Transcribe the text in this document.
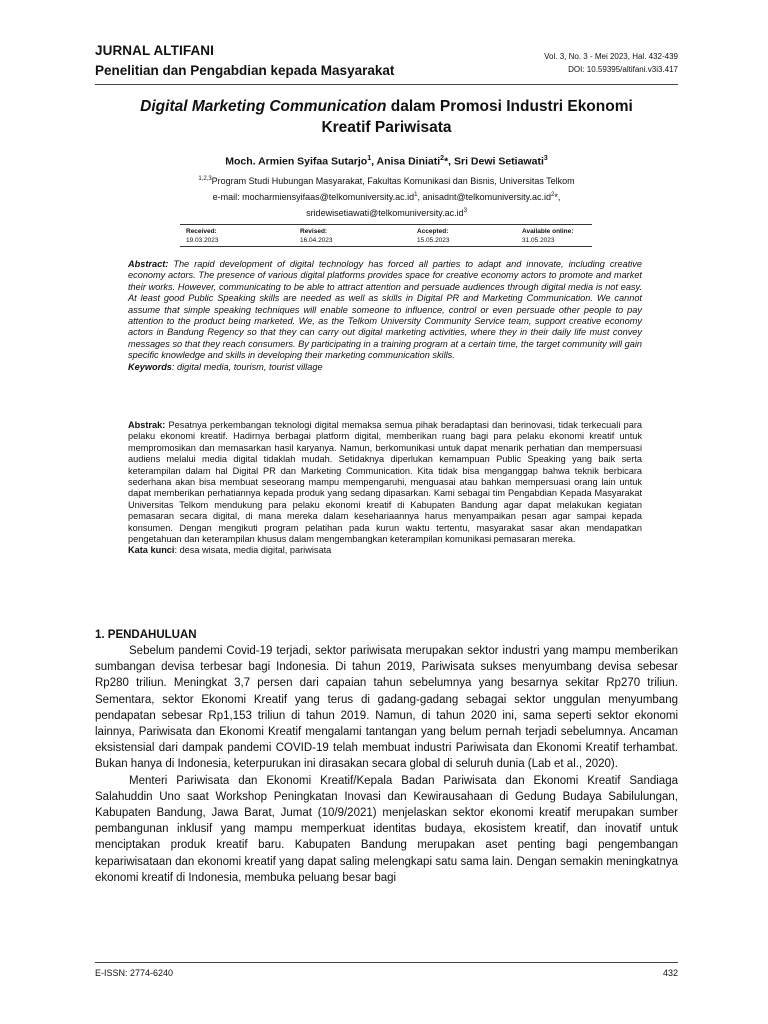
JURNAL ALTIFANI
Penelitian dan Pengabdian kepada Masyarakat
Vol. 3, No. 3 - Mei 2023, Hal. 432-439
DOI: 10.59395/altifani.v3i3.417
Digital Marketing Communication dalam Promosi Industri Ekonomi
Kreatif Pariwisata
Moch. Armien Syifaa Sutarjo$^1$, Anisa Diniati$^2$*, Sri Dewi Setiawati$^3$
$^{1,2,3}$Program Studi Hubungan Masyarakat, Fakultas Komunikasi dan Bisnis, Universitas Telkom
e-mail: $mocharmiensyifaas@telkomuniversity.ac.id^1$, $anisadnt@telkomuniversity.ac.id^2*$,
$sridewisetiawati@telkomuniversity.ac.id^3$
Received:
19.03.2023
Revised:
16.04.2023
Accepted:
15.05.2023
Available online:
31.05.2023

Abstract: The rapid development of digital technology has forced all parties to adapt and innovate, including creative economy actors. The presence of various digital platforms provides space for creative economy actors to promote and market their works. However, communicating to be able to attract attention and persuade audiences through digital media is not easy. At least good Public Speaking skills are needed as well as skills in Digital PR and Marketing Communication. We cannot assume that simple speaking techniques will enable someone to influence, control or even persuade other people to pay attention to the product being marketed. We, as the Telkom University Community Service team, support creative economy actors in Bandung Regency so that they can carry out digital marketing activities, where they in their daily life must convey messages so that they reach consumers. By participating in a training program at a certain time, the target community will gain specific knowledge and skills in developing their marketing communication skills.

Keywords: digital media, tourism, tourist village

Abstrak: Pesatnya perkembangan teknologi digital memaksa semua pihak beradaptasi dan berinovasi, tidak terkecuali para pelaku ekonomi kreatif. Hadirnya berbagai platform digital, memberikan ruang bagi para pelaku ekonomi kreatif untuk mempromosikan dan memasarkan hasil karyanya. Namun, berkomunikasi untuk dapat menarik perhatian dan mempersuasi audiens melalui media digital tidaklah mudah. Setidaknya diperlukan kemampuan Public Speaking yang baik serta keterampilan dalam hal Digital PR dan Marketing Communication. Kita tidak bisa menganggap bahwa teknik berbicara sederhana akan bisa membuat seseorang mampu mempengaruhi, menguasai atau bahkan mempersuasi orang lain untuk dapat memberikan perhatiannya kepada produk yang sedang dipasarkan. Kami sebagai tim Pengabdian Kepada Masyarakat Universitas Telkom mendukung para pelaku ekonomi kreatif di Kabupaten Bandung agar dapat melakukan kegiatan pemasaran secara digital, di mana mereka dalam kesehariaannya harus menyampaikan pesan agar sampai kepada konsumen. Dengan mengikuti program pelatihan pada kurun waktu tertentu, masyarakat sasar akan mendapatkan pengetahuan dan keterampilan khusus dalam mengembangkan keterampilan komunikasi pemasaran mereka.

Kata kunci: desa wisata, media digital, pariwisata

1. PENDAHULUAN

Sebelum pandemi Covid-19 terjadi, sektor pariwisata merupakan sektor industri yang mampu memberikan sumbangan devisa terbesar bagi Indonesia. Di tahun 2019, Pariwisata sukses menyumbang devisa sebesar Rp280 triliun. Meningkat 3,7 persen dari capaian tahun sebelumnya yang besarnya sekitar Rp270 triliun. Sementara, sektor Ekonomi Kreatif yang terus di gadang-gadang sebagai sektor unggulan menyumbang pendapatan sebesar Rp1,153 triliun di tahun 2019. Namun, di tahun 2020 ini, sama seperti sektor ekonomi lainnya, Pariwisata dan Ekonomi Kreatif mengalami tantangan yang belum pernah terjadi sebelumnya. Ancaman eksistensial dari dampak pandemi COVID-19 telah membuat industri Pariwisata dan Ekonomi Kreatif terhambat. Bukan hanya di Indonesia, keterpurukan ini dirasakan secara global di seluruh dunia (Lab et al., 2020).

Menteri Pariwisata dan Ekonomi Kreatif/Kepala Badan Pariwisata dan Ekonomi Kreatif Sandiaga Salahuddin Uno saat Workshop Peningkatan Inovasi dan Kewirausahaan di Gedung Budaya Sabilulungan, Kabupaten Bandung, Jawa Barat, Jumat (10/9/2021) menjelaskan sektor ekonomi kreatif merupakan sumber pembangunan inklusif yang mampu memperkuat identitas budaya, ekosistem kreatif, dan inovatif untuk menciptakan produk kreatif baru. Kabupaten Bandung merupakan aset penting bagi pengembangan kepariwisataan dan ekonomi kreatif yang dapat saling melengkapi satu sama lain. Dengan semakin meningkatnya ekonomi kreatif di Indonesia, membuka peluang besar bagi

E-ISSN: 2774-6240	432
